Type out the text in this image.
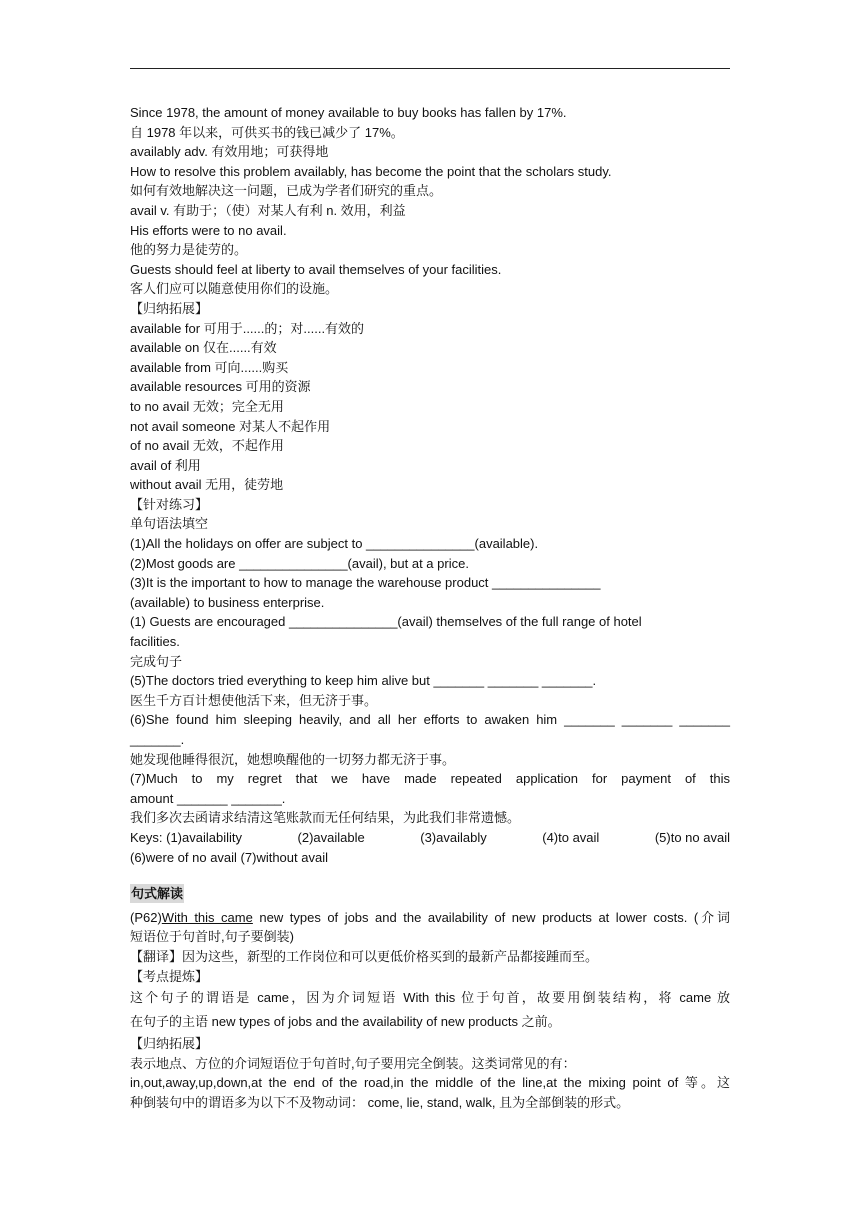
Since 1978, the amount of money available to buy books has fallen by 17%.
自 1978 年以来，可供买书的钱已减少了 17%。
availably adv. 有效用地；可获得地
How to resolve this problem availably, has become the point that the scholars study.
如何有效地解决这一问题，已成为学者们研究的重点。
avail v. 有助于；（使）对某人有利 n. 效用，利益
His efforts were to no avail.
他的努力是徒劳的。
Guests should feel at liberty to avail themselves of your facilities.
客人们应可以随意使用你们的设施。
【归纳拓展】
available for 可用于......的；对......有效的
available on 仅在......有效
available from 可向......购买
available resources 可用的资源
to no avail 无效；完全无用
not avail someone 对某人不起作用
of no avail 无效，不起作用
avail of 利用
without avail 无用，徒劳地
【针对练习】
单句语法填空
(1)All the holidays on offer are subject to _______________(available).
(2)Most goods are _______________(avail), but at a price.
(3)It is the important to how to manage the warehouse product _______________
(available) to business enterprise.
(1) Guests are encouraged _______________(avail) themselves of the full range of hotel
facilities.
完成句子
(5)The doctors tried everything to keep him alive but _______ _______ _______.
医生千方百计想使他活下来，但无济于事。
(6)She found him sleeping heavily, and all her efforts to awaken him _______ _______ _______
_______.
她发现他睡得很沉，她想唤醒他的一切努力都无济于事。
(7)Much to my regret that we have made repeated application for payment of this
amount _______ _______.
我们多次去函请求结清这笔账款而无任何结果，为此我们非常遗憾。
Keys: (1)availability	(2)available	(3)availably	(4)to avail	(5)to no avail
(6)were of no avail (7)without avail
句式解读
(P62)With this came new types of jobs and the availability of new products at lower costs. (介词
短语位于句首时,句子要倒装)
【翻译】因为这些，新型的工作岗位和可以更低价格买到的最新产品都接踵而至。
【考点提炼】
这个句子的谓语是 came，因为介词短语 With this 位于句首，故要用倒装结构，将 came 放
在句子的主语 new types of jobs and the availability of new products 之前。
【归纳拓展】
表示地点、方位的介词短语位于句首时,句子要用完全倒装。这类词常见的有：
in,out,away,up,down,at the end of the road,in the middle of the line,at the mixing point of 等。这
种倒装句中的谓语多为以下不及物动词： come, lie, stand, walk, 且为全部倒装的形式。
